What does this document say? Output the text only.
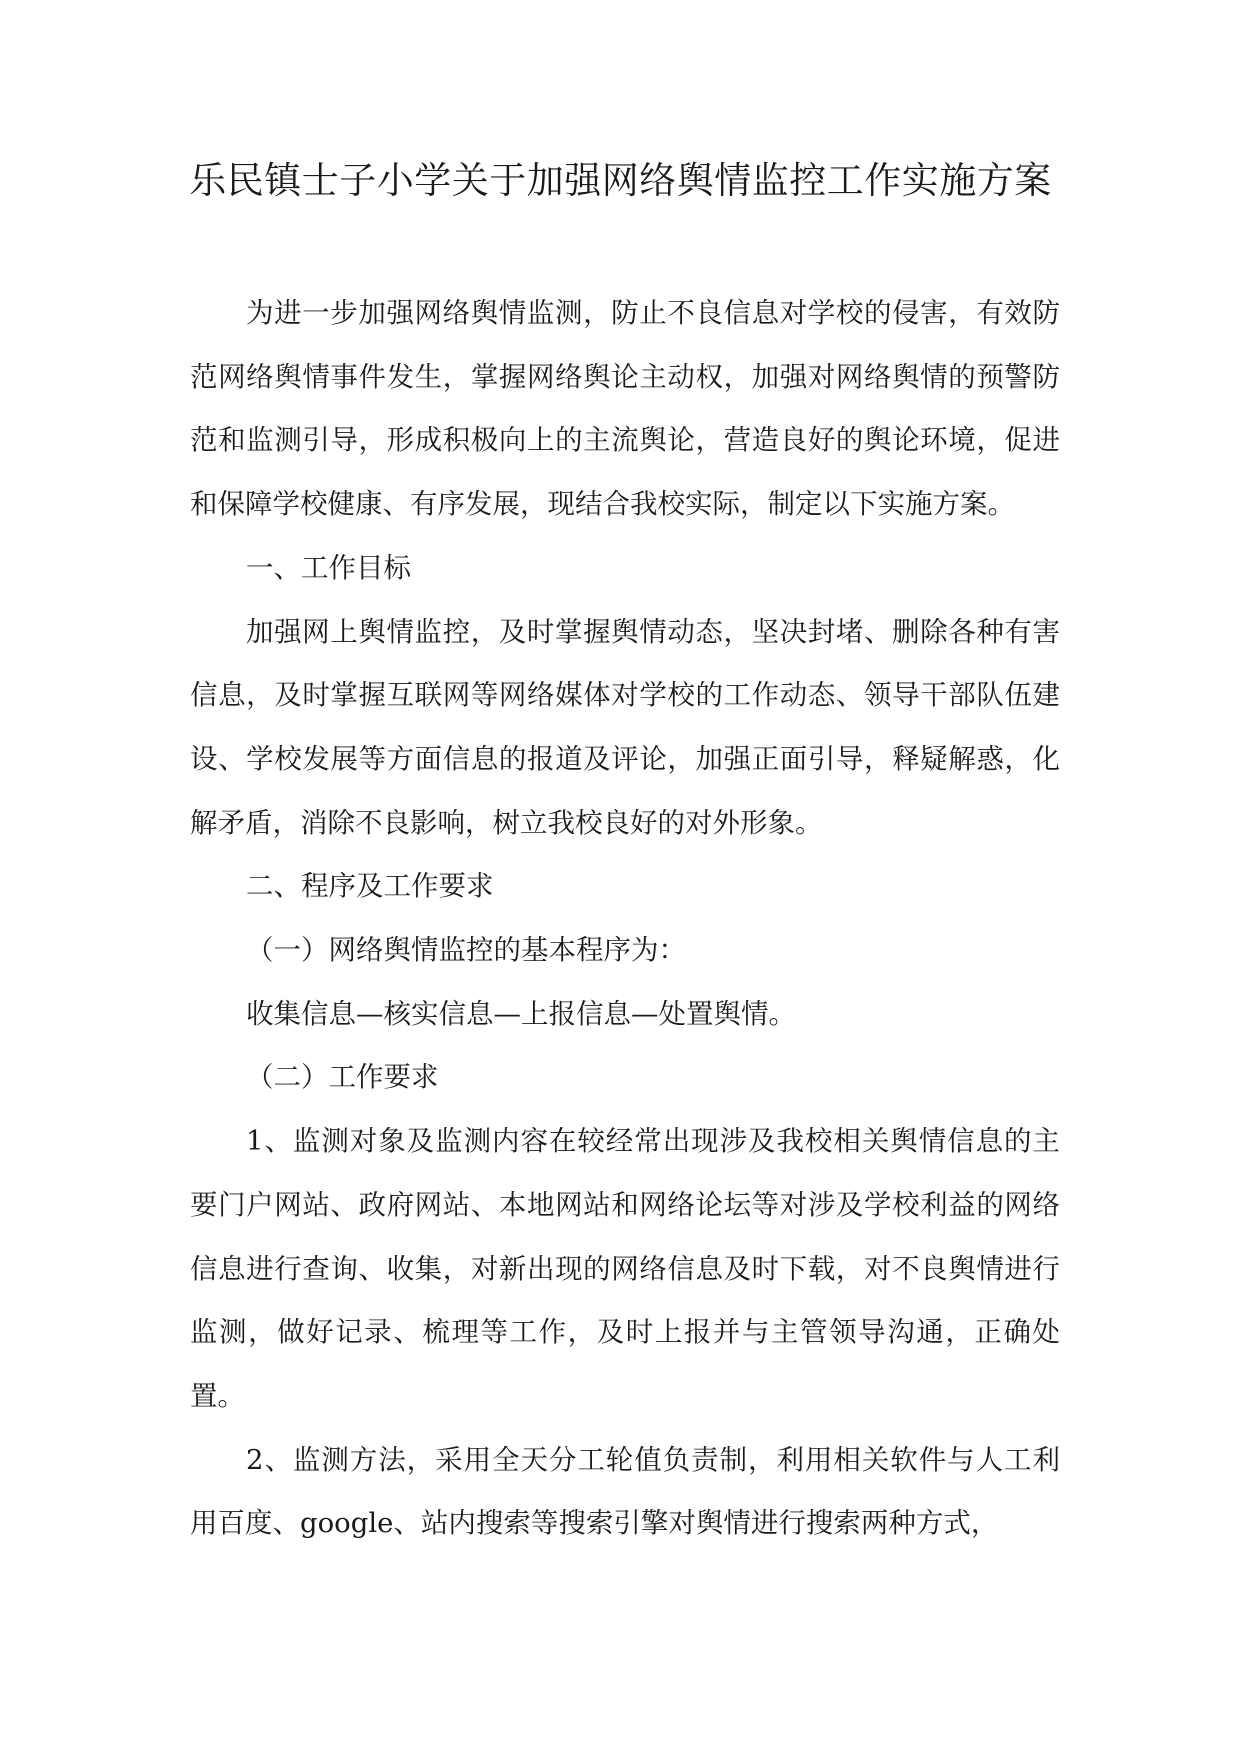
乐民镇士子小学关于加强网络舆情监控工作实施方案

为进一步加强网络舆情监测，防止不良信息对学校的侵害，有效防范网络舆情事件发生，掌握网络舆论主动权，加强对网络舆情的预警防范和监测引导，形成积极向上的主流舆论，营造良好的舆论环境，促进和保障学校健康、有序发展，现结合我校实际，制定以下实施方案。

一、工作目标

加强网上舆情监控，及时掌握舆情动态，坚决封堵、删除各种有害信息，及时掌握互联网等网络媒体对学校的工作动态、领导干部队伍建设、学校发展等方面信息的报道及评论，加强正面引导，释疑解惑，化解矛盾，消除不良影响，树立我校良好的对外形象。

二、程序及工作要求

（一）网络舆情监控的基本程序为：

收集信息—核实信息—上报信息—处置舆情。

（二）工作要求

1、监测对象及监测内容在较经常出现涉及我校相关舆情信息的主要门户网站、政府网站、本地网站和网络论坛等对涉及学校利益的网络信息进行查询、收集，对新出现的网络信息及时下载，对不良舆情进行监测，做好记录、梳理等工作，及时上报并与主管领导沟通，正确处置。

2、监测方法，采用全天分工轮值负责制，利用相关软件与人工利用百度、google、站内搜索等搜索引擎对舆情进行搜索两种方式，
